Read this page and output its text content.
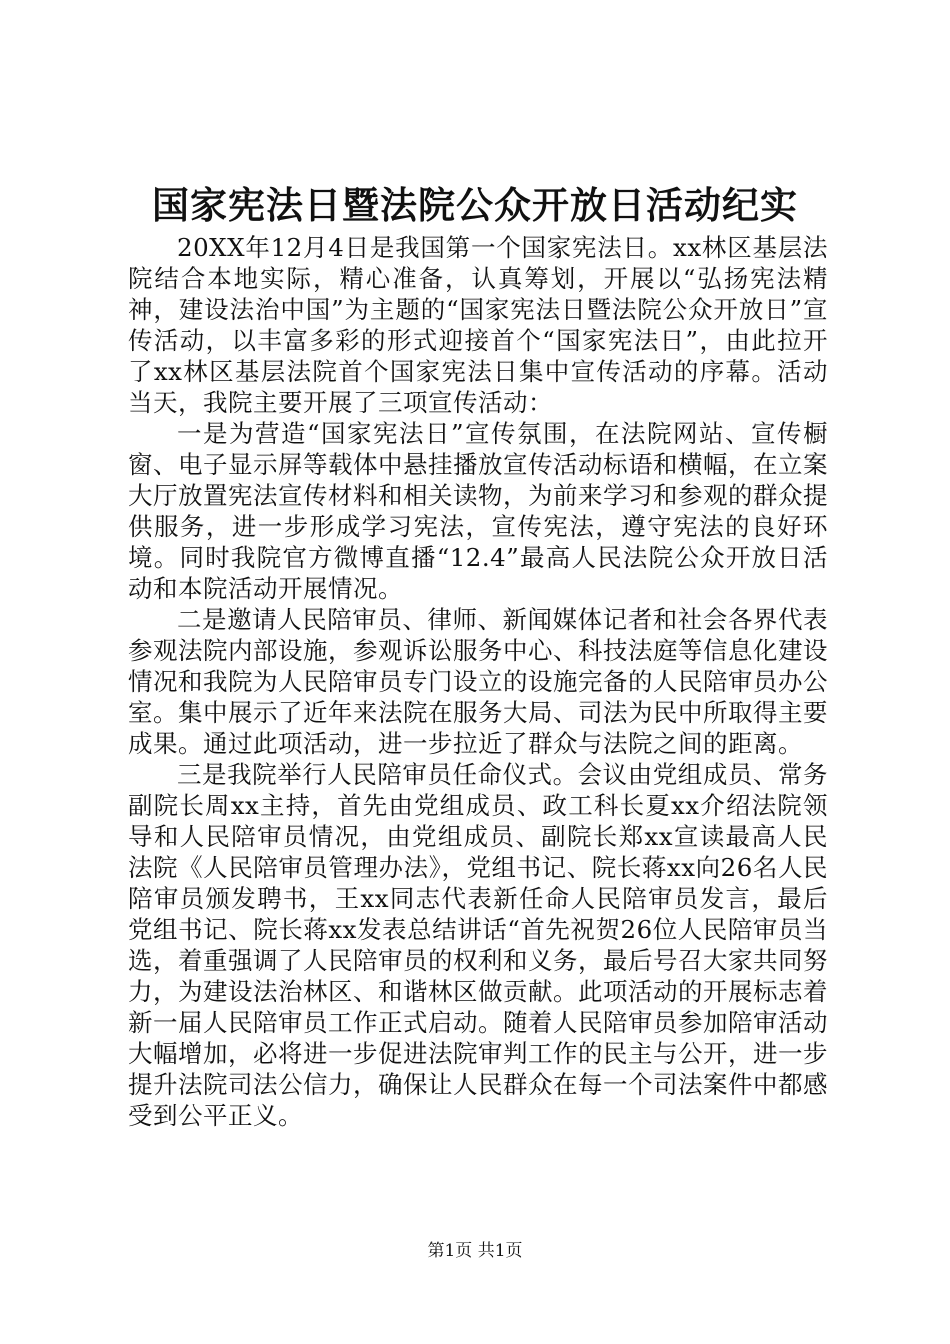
国家宪法日暨法院公众开放日活动纪实

20XX年12月4日是我国第一个国家宪法日。xx林区基层法院结合本地实际，精心准备，认真筹划，开展以“弘扬宪法精神，建设法治中国”为主题的“国家宪法日暨法院公众开放日”宣传活动，以丰富多彩的形式迎接首个“国家宪法日”，由此拉开了xx林区基层法院首个国家宪法日集中宣传活动的序幕。活动当天，我院主要开展了三项宣传活动：

一是为营造“国家宪法日”宣传氛围，在法院网站、宣传橱窗、电子显示屏等载体中悬挂播放宣传活动标语和横幅，在立案大厅放置宪法宣传材料和相关读物，为前来学习和参观的群众提供服务，进一步形成学习宪法，宣传宪法，遵守宪法的良好环境。同时我院官方微博直播“12.4”最高人民法院公众开放日活动和本院活动开展情况。

二是邀请人民陪审员、律师、新闻媒体记者和社会各界代表参观法院内部设施，参观诉讼服务中心、科技法庭等信息化建设情况和我院为人民陪审员专门设立的设施完备的人民陪审员办公室。集中展示了近年来法院在服务大局、司法为民中所取得主要成果。通过此项活动，进一步拉近了群众与法院之间的距离。

三是我院举行人民陪审员任命仪式。会议由党组成员、常务副院长周xx主持，首先由党组成员、政工科长夏xx介绍法院领导和人民陪审员情况，由党组成员、副院长郑xx宣读最高人民法院《人民陪审员管理办法》，党组书记、院长蒋xx向26名人民陪审员颁发聘书，王xx同志代表新任命人民陪审员发言，最后党组书记、院长蒋xx发表总结讲话“首先祝贺26位人民陪审员当选，着重强调了人民陪审员的权利和义务，最后号召大家共同努力，为建设法治林区、和谐林区做贡献。此项活动的开展标志着新一届人民陪审员工作正式启动。随着人民陪审员参加陪审活动大幅增加，必将进一步促进法院审判工作的民主与公开，进一步提升法院司法公信力，确保让人民群众在每一个司法案件中都感受到公平正义。

第1页 共1页
